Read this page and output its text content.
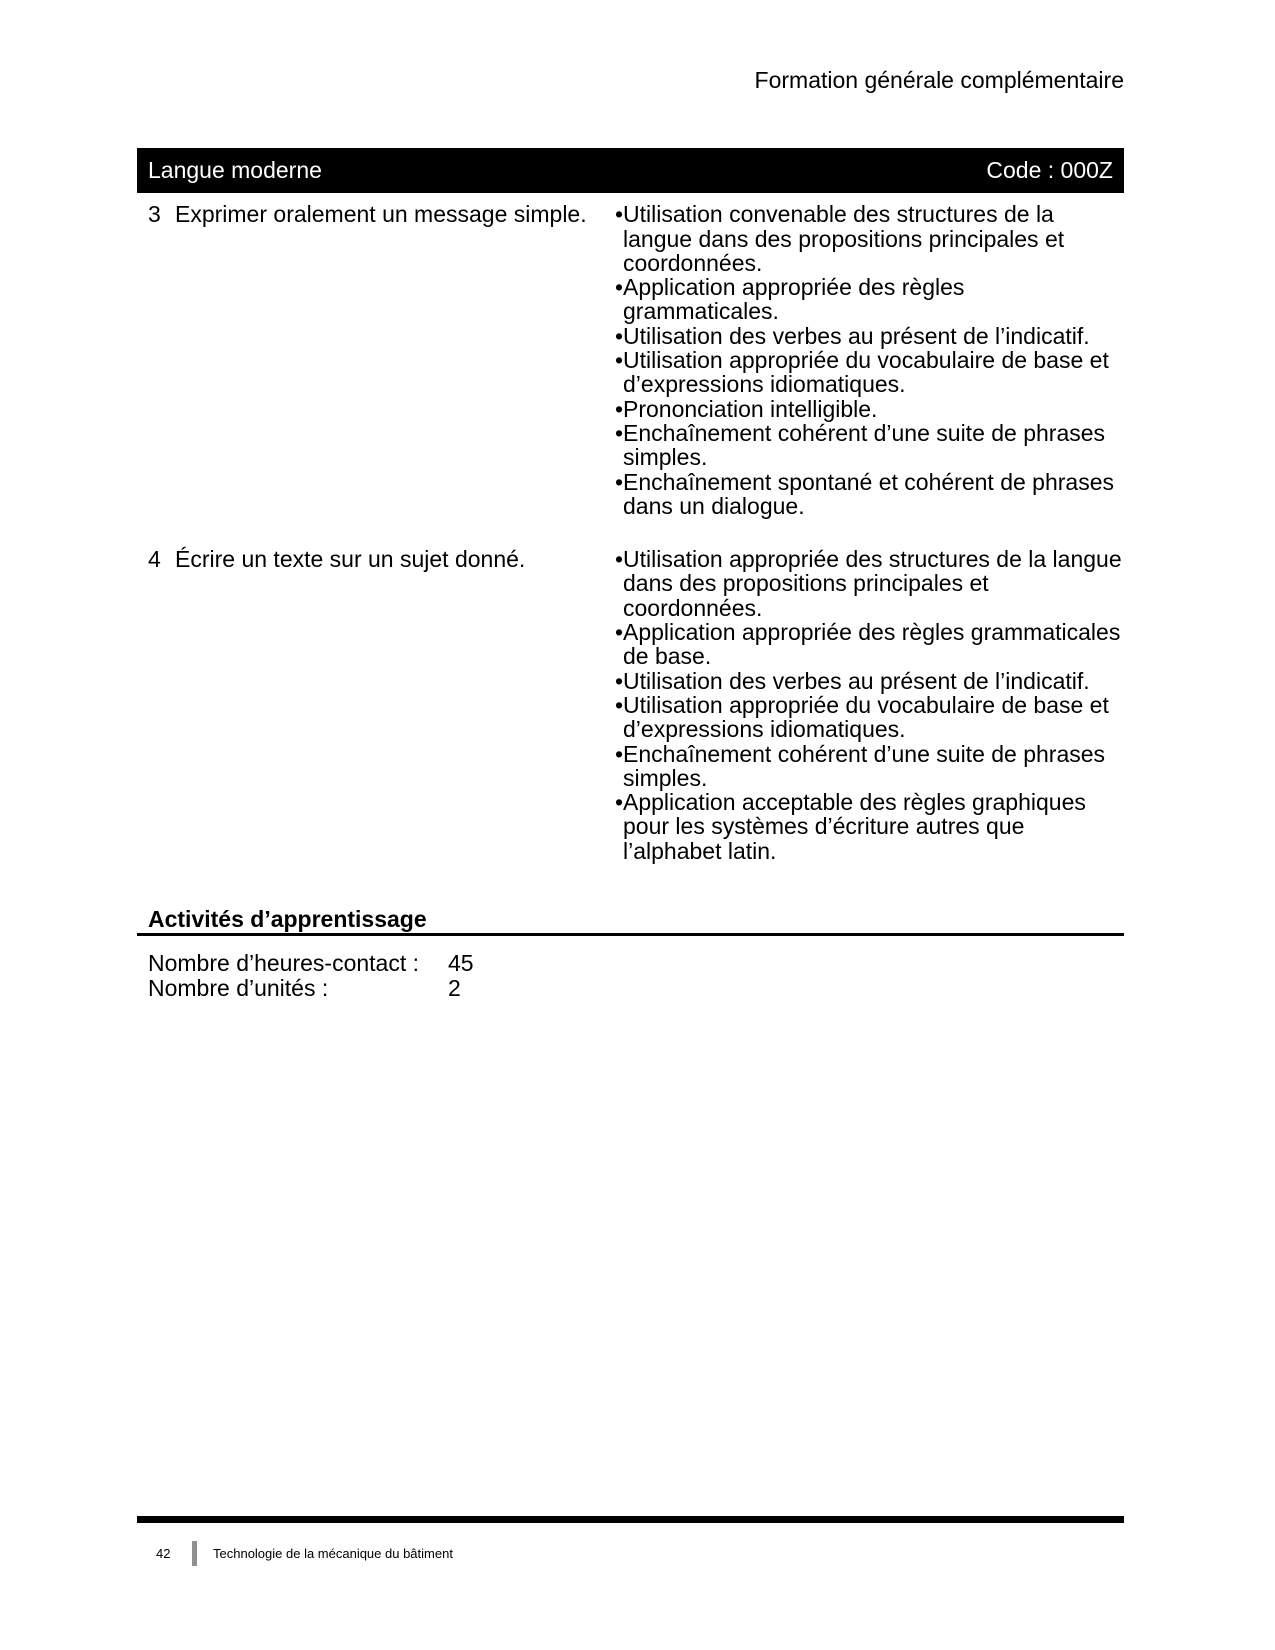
Formation générale complémentaire
Langue moderne	Code : 000Z
3 Exprimer oralement un message simple.	• Utilisation convenable des structures de la langue dans des propositions principales et coordonnées.
• Application appropriée des règles grammaticales.
• Utilisation des verbes au présent de l’indicatif.
• Utilisation appropriée du vocabulaire de base et d’expressions idiomatiques.
• Prononciation intelligible.
• Enchaînement cohérent d’une suite de phrases simples.
• Enchaînement spontané et cohérent de phrases dans un dialogue.
4 Écrire un texte sur un sujet donné.	• Utilisation appropriée des structures de la langue dans des propositions principales et coordonnées.
• Application appropriée des règles grammaticales de base.
• Utilisation des verbes au présent de l’indicatif.
• Utilisation appropriée du vocabulaire de base et d’expressions idiomatiques.
• Enchaînement cohérent d’une suite de phrases simples.
• Application acceptable des règles graphiques pour les systèmes d’écriture autres que l’alphabet latin.
Activités d’apprentissage
Nombre d’heures-contact :	45
Nombre d’unités :	2
42	Technologie de la mécanique du bâtiment
